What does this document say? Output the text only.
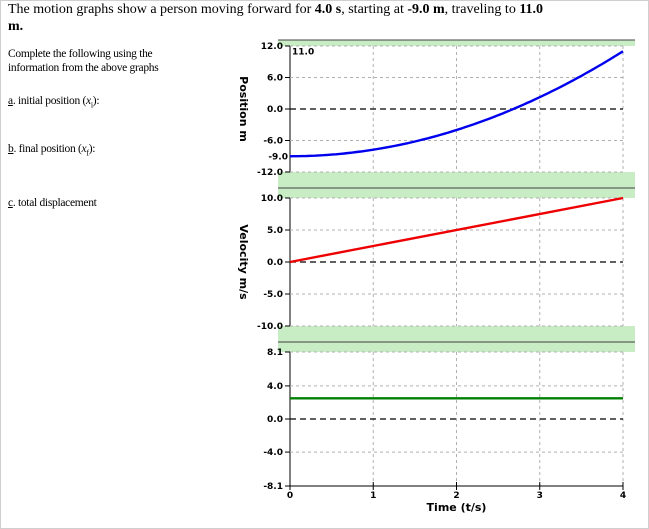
The motion graphs show a person moving forward for 4.0 s, starting at -9.0 m, traveling to 11.0
m.
Complete the following using the information from the above graphs
a. initial position $(x_i)$:
b. final position $(x_f)$:
c. total displacement
12.0
6.0
0.0
-6.0
-12.0
11.0
-9.0
Position m
10.0
5.0
0.0
-5.0
-10.0
Velocity m/s
8.1
4.0
0.0
-4.0
-8.1
0	1	2	3	4
Time (t/s)
